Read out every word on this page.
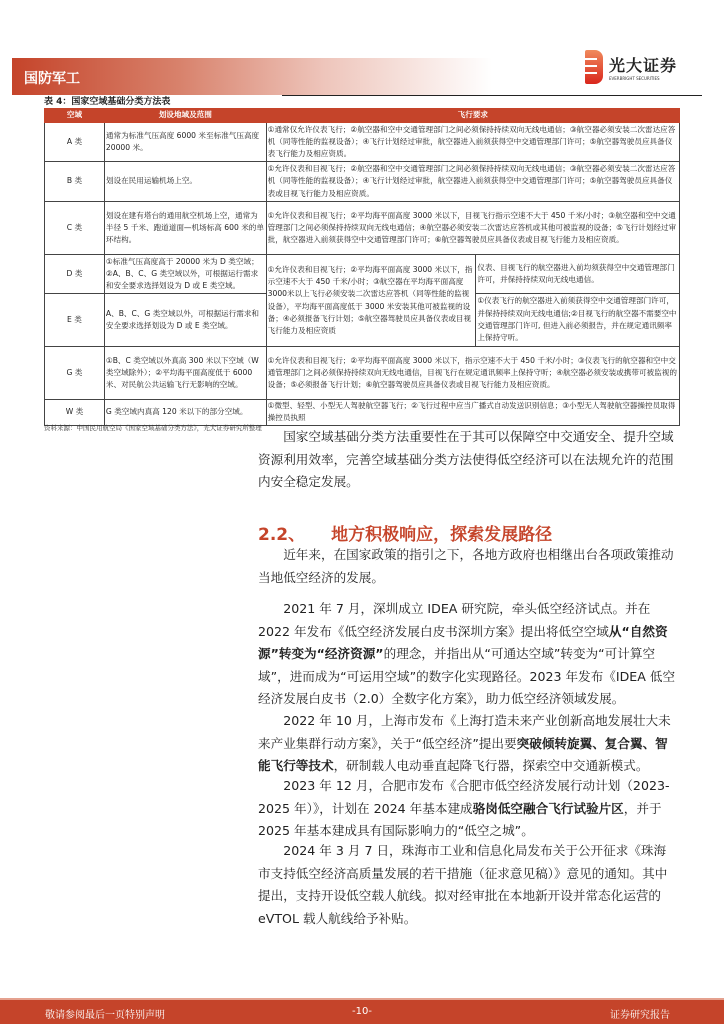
国防军工
光大证券
EVERBRIGHT SECURITIES
表 4：国家空域基础分类方法表
空域	划设地域及范围	飞行要求	
A 类	通常为标准气压高度 6000 米至标准气压高度 20000 米。	①通常仅允许仪表飞行；②航空器和空中交通管理部门之间必须保持持续双向无线电通信；③航空器必须安装二次雷达应答机（同等性能的监视设备）；④飞行计划经过审批，航空器进入前须获得空中交通管理部门许可；⑤航空器驾驶员应具备仪表飞行能力及相应资质。	
B 类	划设在民用运输机场上空。	①允许仪表和目视飞行；②航空器和空中交通管理部门之间必须保持持续双向无线电通信；③航空器必须安装二次雷达应答机（同等性能的监视设备）；④飞行计划经过审批，航空器进入前须获得空中交通管理部门许可；⑤航空器驾驶员应具备仪表或目视飞行能力及相应资质。	
C 类	划设在建有塔台的通用航空机场上空，通常为半径 5 千米、跑道道面—机场标高 600 米的单环结构。	①允许仪表和目视飞行；②平均海平面高度 3000 米以下，目视飞行指示空速不大于 450 千米/小时；③航空器和空中交通管理部门之间必须保持持续双向无线电通信；④航空器必须安装二次雷达应答机或其他可被监视的设备；⑤飞行计划经过审批，航空器进入前须获得空中交通管理部门许可；⑥航空器驾驶员应具备仪表或目视飞行能力及相应资质。	
D 类	①标准气压高度高于 20000 米为 D 类空域；②A、B、C、G 类空域以外，可根据运行需求和安全要求选择划设为 D 或 E 类空域。	①允许仪表和目视飞行；②平均海平面高度 3000 米以下，指示空速不大于 450 千米/小时；③航空器在平均海平面高度3000米以上飞行必须安装二次雷达应答机（同等性能的监视设备），平均海平面高度低于 3000 米安装其他可被监视的设备；④必须报备飞行计划；⑤航空器驾驶员应具备仪表或目视飞行能力及相应资质	仪表、目视飞行的航空器进入前均须获得空中交通管理部门许可，并保持持续双向无线电通信。
E 类	A、B、C、G 类空域以外，可根据运行需求和安全要求选择划设为 D 或 E 类空域。		①仪表飞行的航空器进入前须获得空中交通管理部门许可，并保持持续双向无线电通信;②目视飞行的航空器不需要空中交通管理部门许可, 但进入前必须报告，并在规定通讯频率上保持守听。
G 类	①B、C 类空域以外真高 300 米以下空域（W 类空域除外）；②平均海平面高度低于 6000 米、对民航公共运输飞行无影响的空域。	①允许仪表和目视飞行；②平均海平面高度 3000 米以下，指示空速不大于 450 千米/小时；③仪表飞行的航空器和空中交通管理部门之间必须保持持续双向无线电通信，目视飞行在规定通讯频率上保持守听；④航空器必须安装或携带可被监视的设备；⑤必须报备飞行计划；⑥航空器驾驶员应具备仪表或目视飞行能力及相应资质。	
W 类	G 类空域内真高 120 米以下的部分空域。	①微型、轻型、小型无人驾驶航空器飞行；②飞行过程中应当广播式自动发送识别信息；③小型无人驾驶航空器操控员取得操控员执照	
资料来源：中国民用航空局《国家空域基础分类方法》，光大证券研究所整理

国家空域基础分类方法重要性在于其可以保障空中交通安全、提升空域资源利用效率，完善空域基础分类方法使得低空经济可以在法规允许的范围内安全稳定发展。

2.2、 地方积极响应，探索发展路径

近年来，在国家政策的指引之下，各地方政府也相继出台各项政策推动当地低空经济的发展。

2021 年 7 月，深圳成立 IDEA 研究院，牵头低空经济试点。并在 2022 年发布《低空经济发展白皮书深圳方案》提出将低空空域从“自然资源”转变为“经济资源”的理念，并指出从“可通达空域”转变为“可计算空域”，进而成为“可运用空域”的数字化实现路径。2023 年发布《IDEA 低空经济发展白皮书（2.0）全数字化方案》，助力低空经济领域发展。

2022 年 10 月，上海市发布《上海打造未来产业创新高地发展壮大未来产业集群行动方案》，关于“低空经济”提出要突破倾转旋翼、复合翼、智能飞行等技术，研制载人电动垂直起降飞行器，探索空中交通新模式。

2023 年 12 月，合肥市发布《合肥市低空经济发展行动计划（2023-2025 年）》，计划在 2024 年基本建成骆岗低空融合飞行试验片区，并于 2025 年基本建成具有国际影响力的“低空之城”。

2024 年 3 月 7 日，珠海市工业和信息化局发布关于公开征求《珠海市支持低空经济高质量发展的若干措施（征求意见稿）》意见的通知。其中提出，支持开设低空载人航线。拟对经审批在本地新开设并常态化运营的 eVTOL 载人航线给予补贴。

敬请参阅最后一页特别声明	-10-	证券研究报告
